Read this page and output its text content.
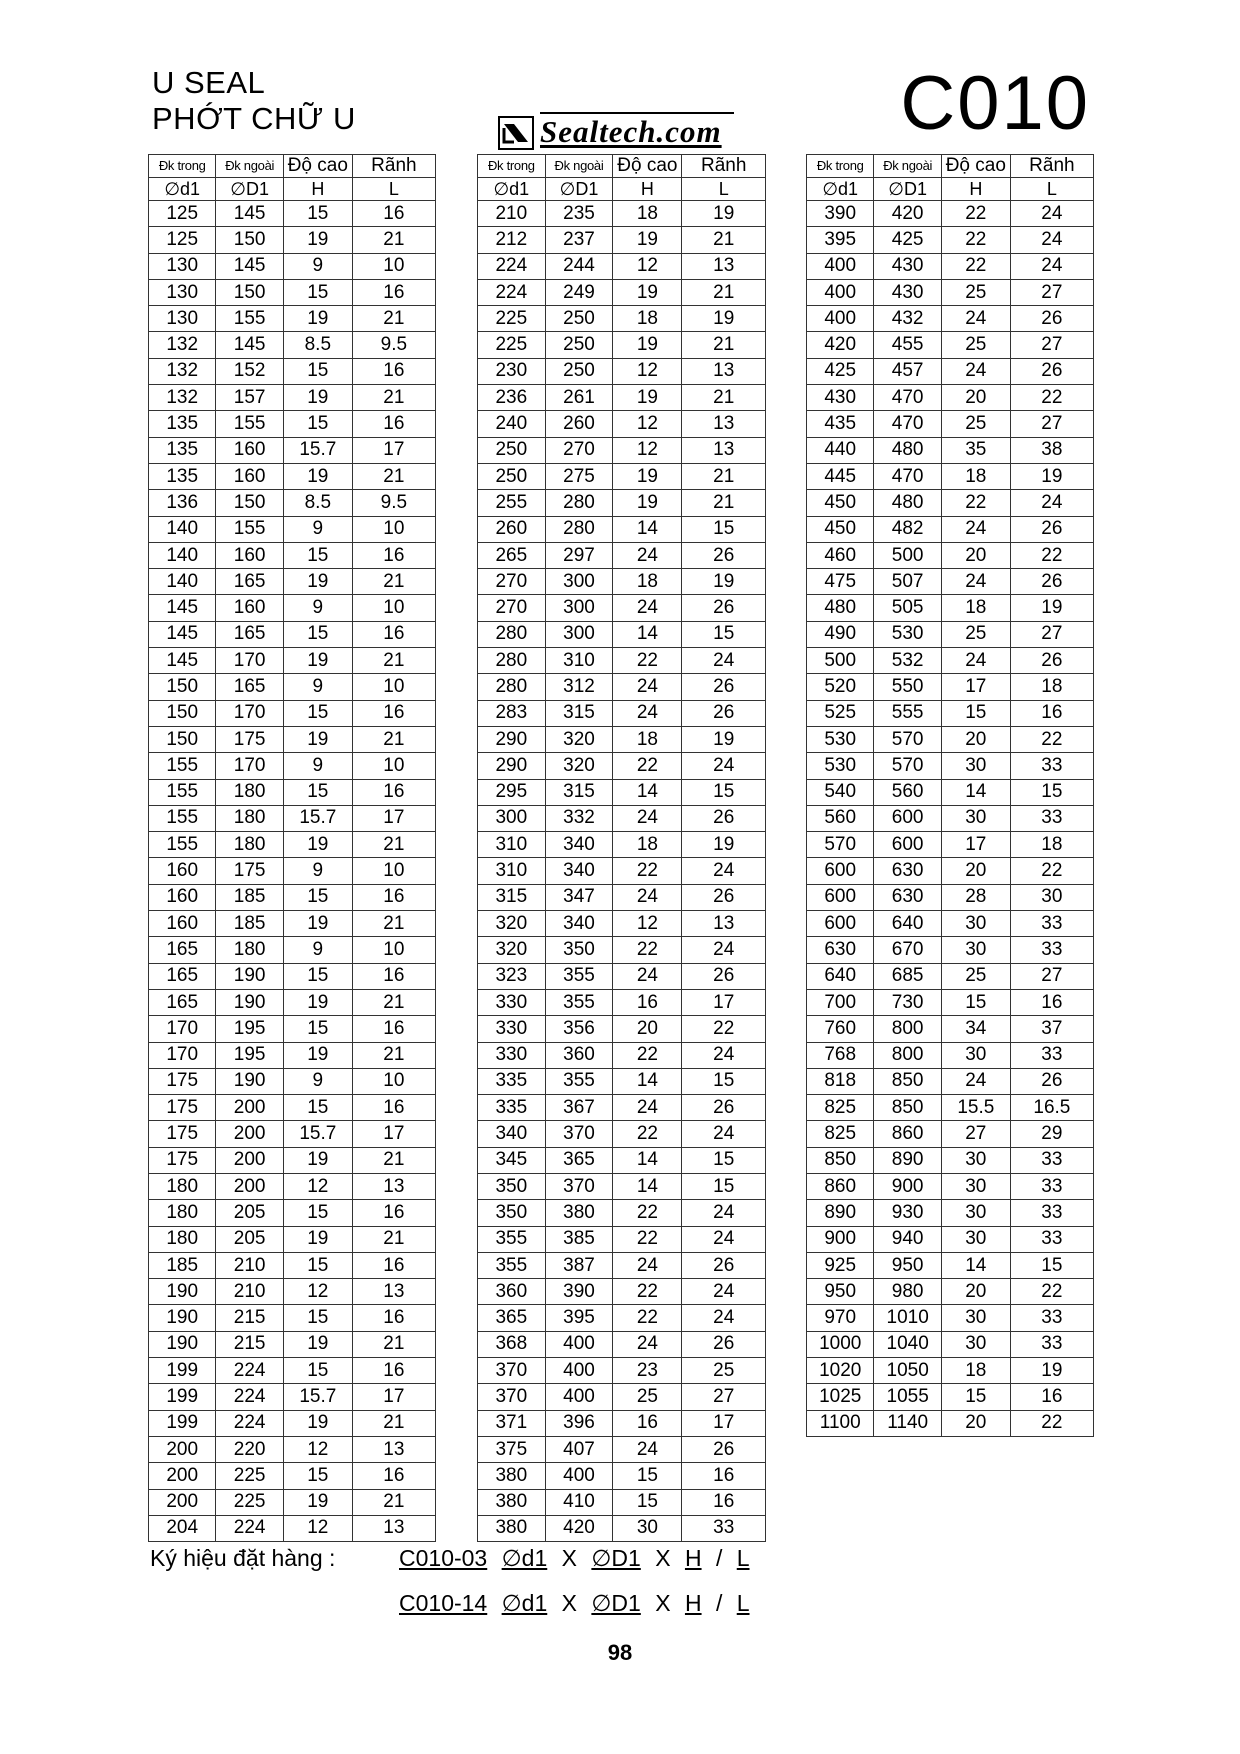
U SEAL
PHỚT CHỮ U	C010
Sealtech.com
Đk trong	Đk ngoài	Độ cao	Rãnh
∅d1	∅D1	H	L
125	145	15	16
125	150	19	21
130	145	9	10
130	150	15	16
130	155	19	21
132	145	8.5	9.5
132	152	15	16
132	157	19	21
135	155	15	16
135	160	15.7	17
135	160	19	21
136	150	8.5	9.5
140	155	9	10
140	160	15	16
140	165	19	21
145	160	9	10
145	165	15	16
145	170	19	21
150	165	9	10
150	170	15	16
150	175	19	21
155	170	9	10
155	180	15	16
155	180	15.7	17
155	180	19	21
160	175	9	10
160	185	15	16
160	185	19	21
165	180	9	10
165	190	15	16
165	190	19	21
170	195	15	16
170	195	19	21
175	190	9	10
175	200	15	16
175	200	15.7	17
175	200	19	21
180	200	12	13
180	205	15	16
180	205	19	21
185	210	15	16
190	210	12	13
190	215	15	16
190	215	19	21
199	224	15	16
199	224	15.7	17
199	224	19	21
200	220	12	13
200	225	15	16
200	225	19	21
204	224	12	13
Đk trong	Đk ngoài	Độ cao	Rãnh
∅d1	∅D1	H	L
210	235	18	19
212	237	19	21
224	244	12	13
224	249	19	21
225	250	18	19
225	250	19	21
230	250	12	13
236	261	19	21
240	260	12	13
250	270	12	13
250	275	19	21
255	280	19	21
260	280	14	15
265	297	24	26
270	300	18	19
270	300	24	26
280	300	14	15
280	310	22	24
280	312	24	26
283	315	24	26
290	320	18	19
290	320	22	24
295	315	14	15
300	332	24	26
310	340	18	19
310	340	22	24
315	347	24	26
320	340	12	13
320	350	22	24
323	355	24	26
330	355	16	17
330	356	20	22
330	360	22	24
335	355	14	15
335	367	24	26
340	370	22	24
345	365	14	15
350	370	14	15
350	380	22	24
355	385	22	24
355	387	24	26
360	390	22	24
365	395	22	24
368	400	24	26
370	400	23	25
370	400	25	27
371	396	16	17
375	407	24	26
380	400	15	16
380	410	15	16
380	420	30	33
Đk trong	Đk ngoài	Độ cao	Rãnh
∅d1	∅D1	H	L
390	420	22	24
395	425	22	24
400	430	22	24
400	430	25	27
400	432	24	26
420	455	25	27
425	457	24	26
430	470	20	22
435	470	25	27
440	480	35	38
445	470	18	19
450	480	22	24
450	482	24	26
460	500	20	22
475	507	24	26
480	505	18	19
490	530	25	27
500	532	24	26
520	550	17	18
525	555	15	16
530	570	20	22
530	570	30	33
540	560	14	15
560	600	30	33
570	600	17	18
600	630	20	22
600	630	28	30
600	640	30	33
630	670	30	33
640	685	25	27
700	730	15	16
760	800	34	37
768	800	30	33
818	850	24	26
825	850	15.5	16.5
825	860	27	29
850	890	30	33
860	900	30	33
890	930	30	33
900	940	30	33
925	950	14	15
950	980	20	22
970	1010	30	33
1000	1040	30	33
1020	1050	18	19
1025	1055	15	16
1100	1140	20	22
Ký hiệu đặt hàng :	C010-03 ∅d1 X ∅D1 X H / L
C010-14 ∅d1 X ∅D1 X H / L
98
